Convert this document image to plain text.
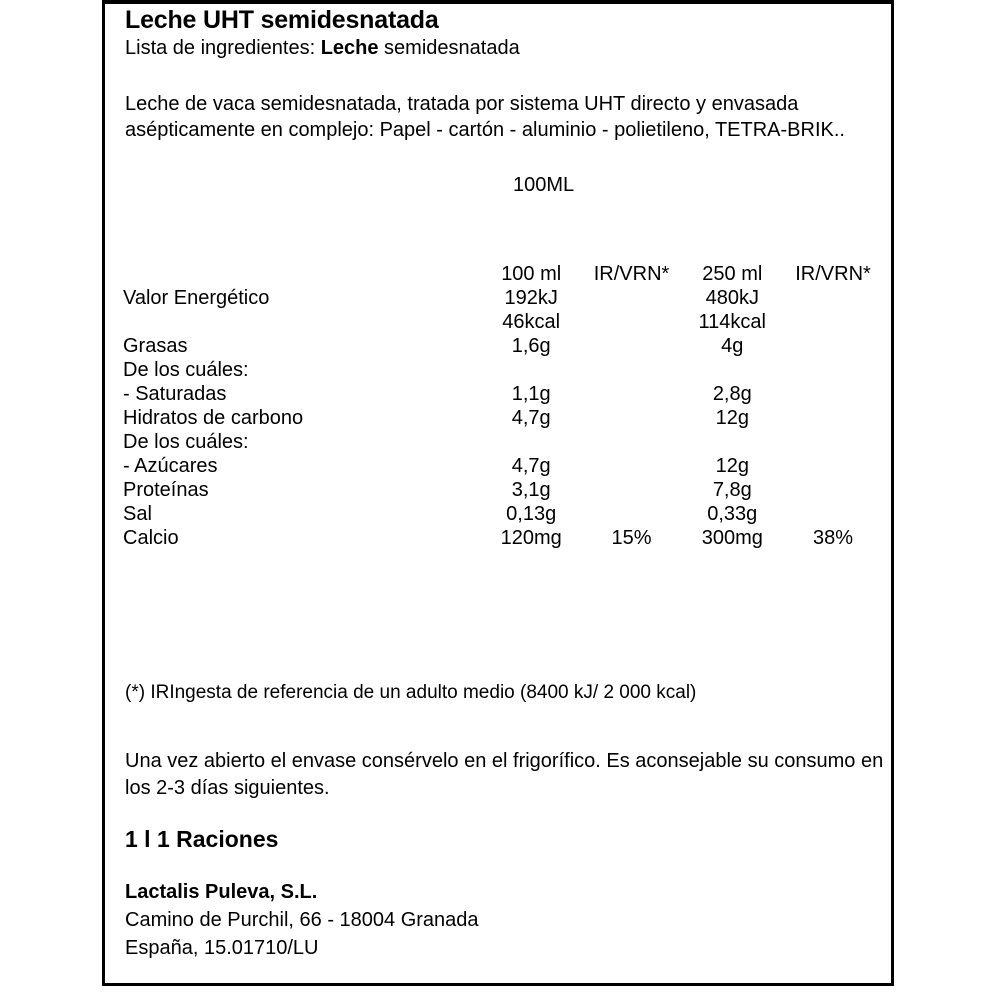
Leche UHT semidesnatada
Lista de ingredientes: Leche semidesnatada
Leche de vaca semidesnatada, tratada por sistema UHT directo y envasada asépticamente en complejo: Papel - cartón - aluminio - polietileno, TETRA-BRIK..
100ML
	100 ml	IR/VRN*	250 ml	IR/VRN*
Valor Energético	192kJ		480kJ	
	46kcal		114kcal	
Grasas	1,6g		4g	
De los cuáles:				
- Saturadas	1,1g		2,8g	
Hidratos de carbono	4,7g		12g	
De los cuáles:				
- Azúcares	4,7g		12g	
Proteínas	3,1g		7,8g	
Sal	0,13g		0,33g	
Calcio	120mg	15%	300mg	38%
(*) IRIngesta de referencia de un adulto medio (8400 kJ/ 2 000 kcal)
Una vez abierto el envase consérvelo en el frigorífico. Es aconsejable su consumo en los 2-3 días siguientes.
1 l 1 Raciones
Lactalis Puleva, S.L.
Camino de Purchil, 66 - 18004 Granada
España, 15.01710/LU
